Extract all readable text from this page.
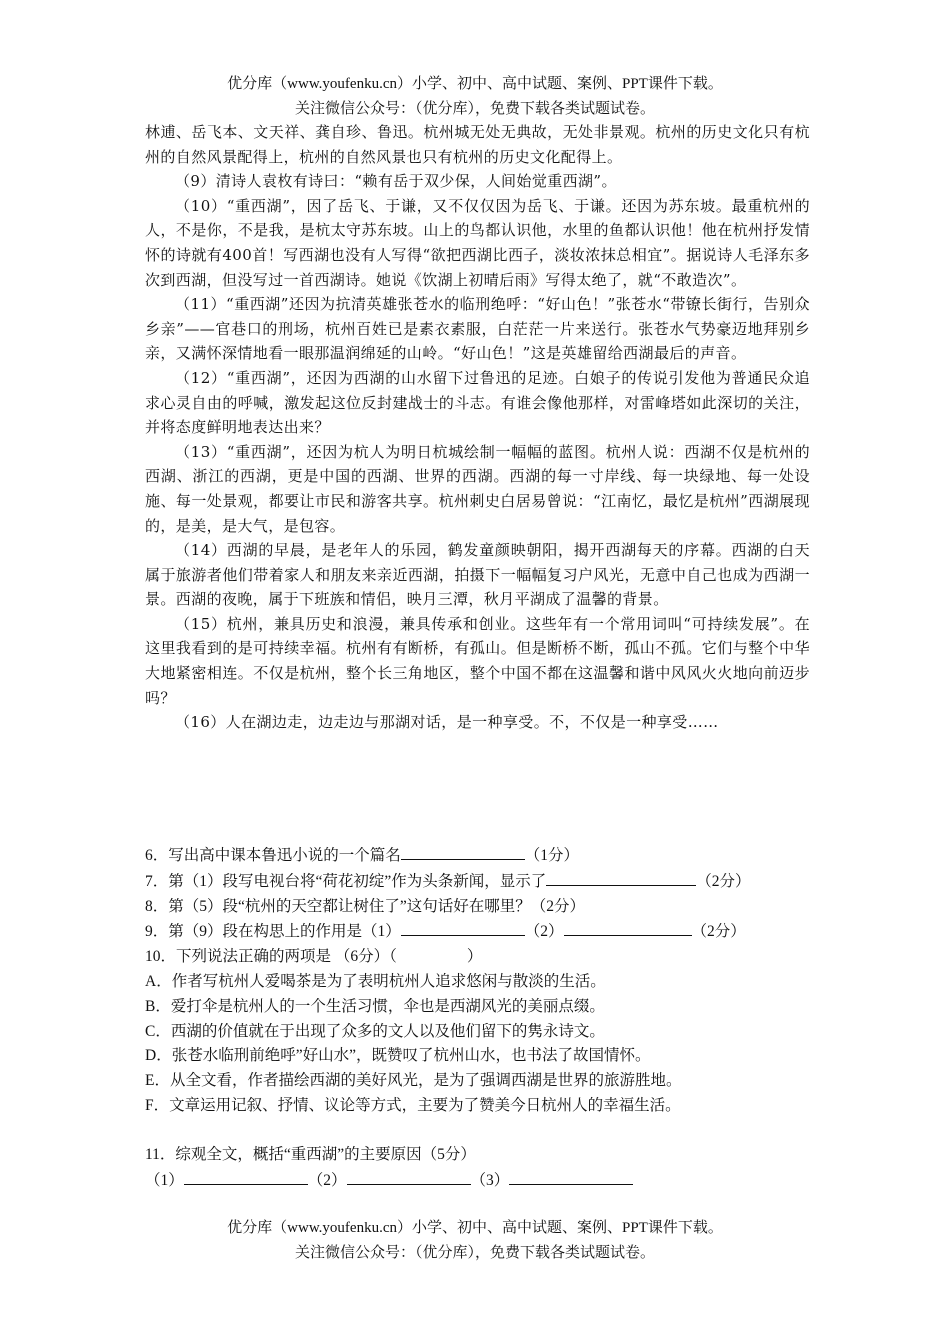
优分库（www.youfenku.cn）小学、初中、高中试题、案例、PPT课件下载。
关注微信公众号：（优分库），免费下载各类试题试卷。

林逋、岳飞本、文天祥、龚自珍、鲁迅。杭州城无处无典故，无处非景观。杭州的历史文化只有杭州的自然风景配得上，杭州的自然风景也只有杭州的历史文化配得上。

（9）清诗人袁枚有诗曰：“赖有岳于双少保，人间始觉重西湖”。

（10）“重西湖”，因了岳飞、于谦，又不仅仅因为岳飞、于谦。还因为苏东坡。最重杭州的人，不是你，不是我，是杭太守苏东坡。山上的鸟都认识他，水里的鱼都认识他！他在杭州抒发情怀的诗就有400首！写西湖也没有人写得“欲把西湖比西子，淡妆浓抹总相宜”。据说诗人毛泽东多次到西湖，但没写过一首西湖诗。她说《饮湖上初晴后雨》写得太绝了，就“不敢造次”。

（11）“重西湖”还因为抗清英雄张苍水的临刑绝呼：“好山色！”张苍水“带镣长街行，告别众乡亲”——官巷口的刑场，杭州百姓已是素衣素服，白茫茫一片来送行。张苍水气势豪迈地拜别乡亲，又满怀深情地看一眼那温润绵延的山岭。“好山色！”这是英雄留给西湖最后的声音。

（12）“重西湖”，还因为西湖的山水留下过鲁迅的足迹。白娘子的传说引发他为普通民众追求心灵自由的呼喊，激发起这位反封建战士的斗志。有谁会像他那样，对雷峰塔如此深切的关注，并将态度鲜明地表达出来？

（13）“重西湖”，还因为杭人为明日杭城绘制一幅幅的蓝图。杭州人说：西湖不仅是杭州的西湖、浙江的西湖，更是中国的西湖、世界的西湖。西湖的每一寸岸线、每一块绿地、每一处设施、每一处景观，都要让市民和游客共享。杭州刺史白居易曾说：“江南忆，最忆是杭州”西湖展现的，是美，是大气，是包容。

（14）西湖的早晨，是老年人的乐园，鹤发童颜映朝阳，揭开西湖每天的序幕。西湖的白天属于旅游者他们带着家人和朋友来亲近西湖，拍摄下一幅幅复习户风光，无意中自己也成为西湖一景。西湖的夜晚，属于下班族和情侣，映月三潭，秋月平湖成了温馨的背景。

（15）杭州，兼具历史和浪漫，兼具传承和创业。这些年有一个常用词叫“可持续发展”。在这里我看到的是可持续幸福。杭州有有断桥，有孤山。但是断桥不断，孤山不孤。它们与整个中华大地紧密相连。不仅是杭州，整个长三角地区，整个中国不都在这温馨和谐中风风火火地向前迈步吗？

（16）人在湖边走，边走边与那湖对话，是一种享受。不，不仅是一种享受……

6．写出高中课本鲁迅小说的一个篇名	（1分）
7．第（1）段写电视台将“荷花初绽”作为头条新闻，显示了	（2分）
8．第（5）段“杭州的天空都让树住了”这句话好在哪里？（2分）
9．第（9）段在构思上的作用是（1）	（2）	（2分）
10．下列说法正确的两项是 （6分）（	）
A．作者写杭州人爱喝茶是为了表明杭州人追求悠闲与散淡的生活。
B．爱打伞是杭州人的一个生活习惯，伞也是西湖风光的美丽点缀。
C．西湖的价值就在于出现了众多的文人以及他们留下的隽永诗文。
D．张苍水临刑前绝呼”好山水”，既赞叹了杭州山水，也书法了故国情怀。
E．从全文看，作者描绘西湖的美好风光，是为了强调西湖是世界的旅游胜地。
F．文章运用记叙、抒情、议论等方式，主要为了赞美今日杭州人的幸福生活。
11．综观全文，概括“重西湖”的主要原因（5分）
（1）	（2）	（3）
优分库（www.youfenku.cn）小学、初中、高中试题、案例、PPT课件下载。
关注微信公众号：（优分库），免费下载各类试题试卷。
